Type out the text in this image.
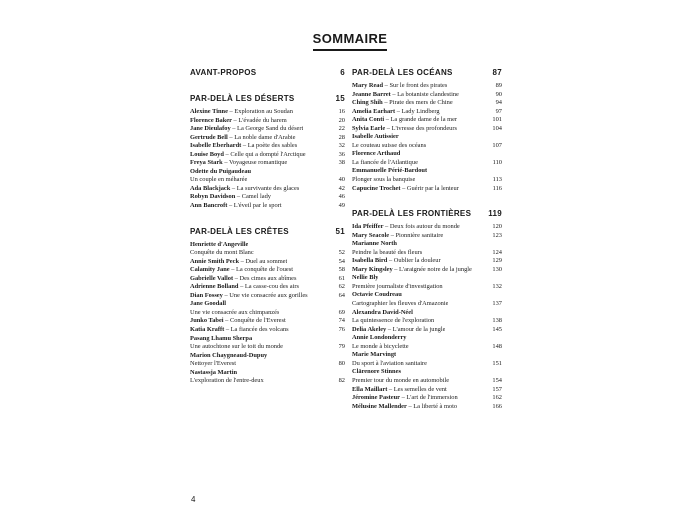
SOMMAIRE
AVANT-PROPOS	6
PAR-DELÀ LES DÉSERTS	15
Alexine Tinne – Exploration au Soudan	16
Florence Baker – L'évadée du harem	20
Jane Dieulafoy – La George Sand du désert	22
Gertrude Bell – La noble dame d'Arabie	28
Isabelle Eberhardt – La poète des sables	32
Louise Boyd – Celle qui a dompté l'Arctique	36
Freya Stark – Voyageuse romantique	38
Odette du Puigaudeau
Un couple en méharée	40
Ada Blackjack – La survivante des glaces	42
Robyn Davidson – Camel lady	46
Ann Bancroft – L'éveil par le sport	49
PAR-DELÀ LES CRÊTES	51
Henriette d'Angeville
Conquête du mont Blanc	52
Annie Smith Peck – Duel au sommet	54
Calamity Jane – La conquête de l'ouest	58
Gabrielle Vallot – Des cimes aux abîmes	61
Adrienne Bolland – La casse-cou des airs	62
Dian Fossey – Une vie consacrée aux gorilles	64
Jane Goodall
Une vie consacrée aux chimpanzés	69
Junko Tabei – Conquête de l'Everest	74
Katia Krafft – La fiancée des volcans	76
Pasang Lhamu Sherpa
Une autochtone sur le toit du monde	79
Marion Chaygneaud-Dupuy
Nettoyer l'Everest	80
Nastassja Martin
L'exploration de l'entre-deux	82
PAR-DELÀ LES OCÉANS	87
Mary Read – Sur le front des pirates	89
Jeanne Barret – La botaniste clandestine	90
Ching Shih – Pirate des mers de Chine	94
Amelia Earhart – Lady Lindberg	97
Anita Conti – La grande dame de la mer	101
Sylvia Earle – L'ivresse des profondeurs	104
Isabelle Autissier
Le couteau suisse des océans	107
Florence Arthaud
La fiancée de l'Atlantique	110
Emmanuelle Périé-Bardout
Plonger sous la banquise	113
Capucine Trochet – Guérir par la lenteur	116
PAR-DELÀ LES FRONTIÈRES 119
Ida Pfeiffer – Deux fois autour du monde	120
Mary Seacole – Pionnière sanitaire	123
Marianne North
Peindre la beauté des fleurs	124
Isabella Bird – Oublier la douleur	129
Mary Kingsley – L'araignée noire de la jungle	130
Nellie Bly
Première journaliste d'investigation	132
Octavie Coudreau
Cartographier les fleuves d'Amazonie	137
Alexandra David-Néel
La quintessence de l'exploration	138
Delia Akeley – L'amour de la jungle	145
Annie Londonderry
Le monde à bicyclette	148
Marie Marvingt
Du sport à l'aviation sanitaire	151
Clärenore Stinnes
Premier tour du monde en automobile	154
Ella Maillart – Les semelles de vent	157
Jéromine Pasteur – L'art de l'immersion	162
Mélusine Mallender – La liberté à moto	166
4
